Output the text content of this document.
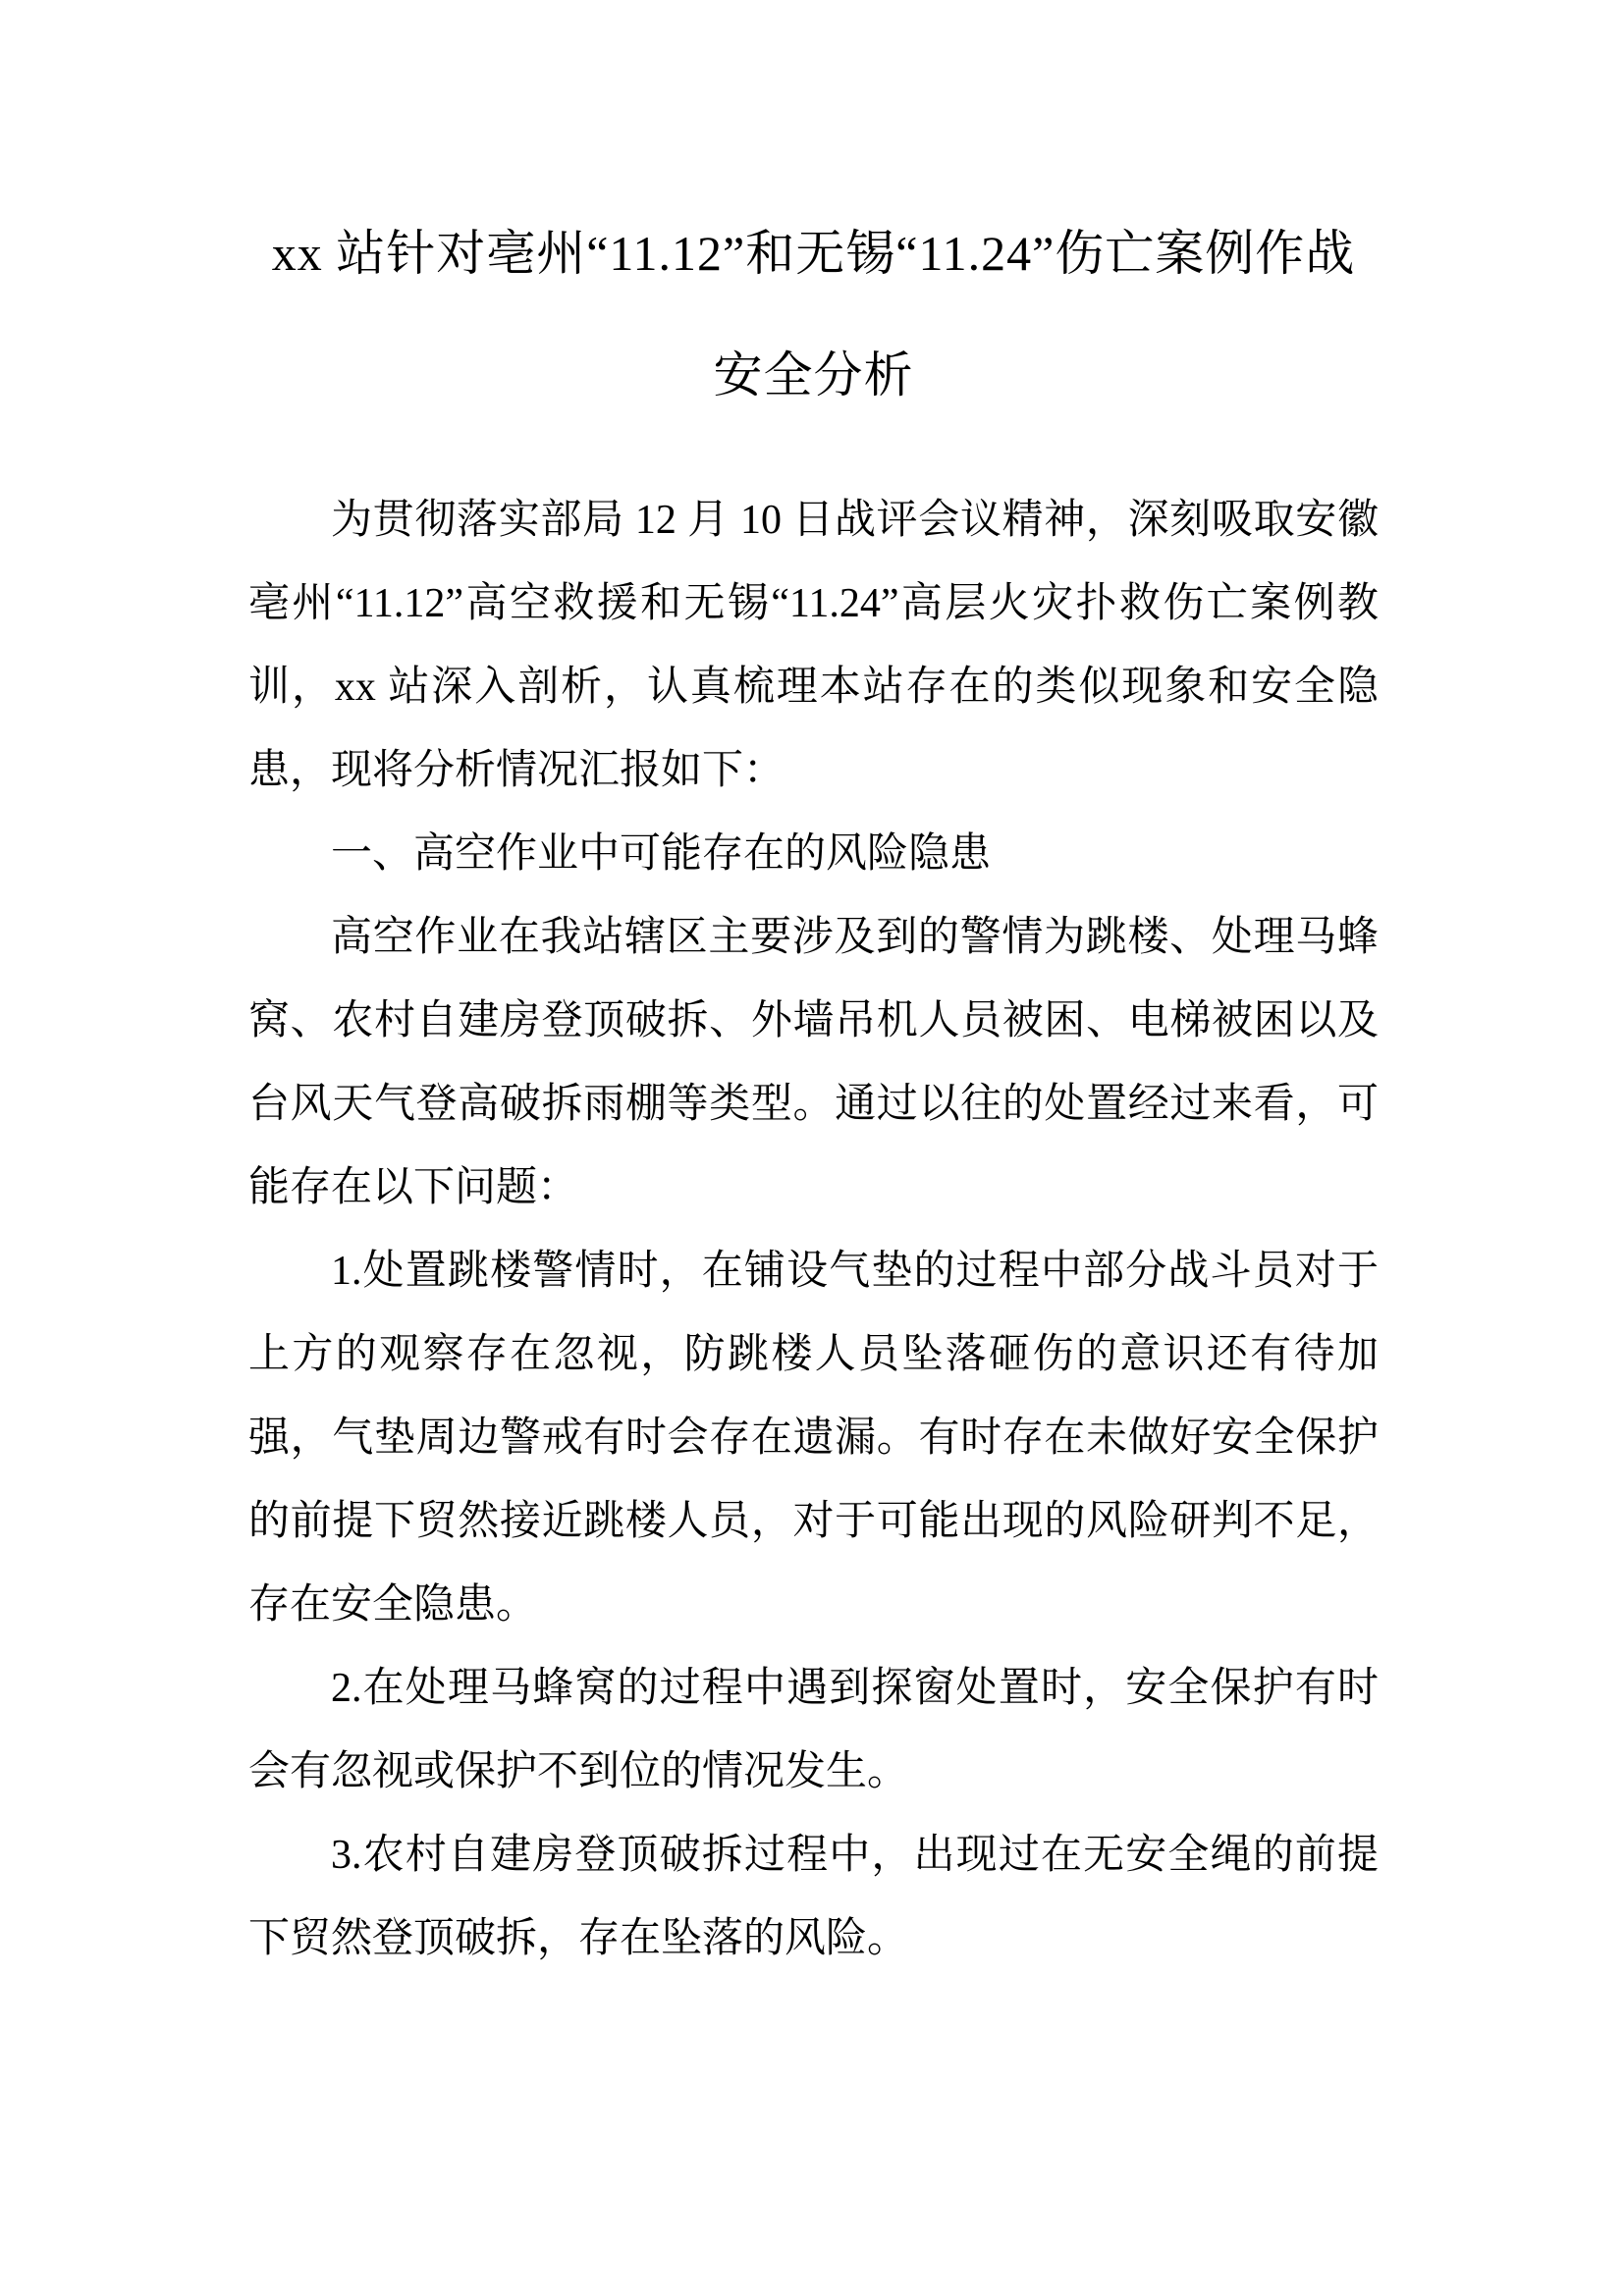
xx 站针对亳州“11.12”和无锡“11.24”伤亡案例作战
安全分析

为贯彻落实部局 12 月 10 日战评会议精神，深刻吸取安徽亳州“11.12”高空救援和无锡“11.24”高层火灾扑救伤亡案例教训，xx 站深入剖析，认真梳理本站存在的类似现象和安全隐患，现将分析情况汇报如下：

一、高空作业中可能存在的风险隐患

高空作业在我站辖区主要涉及到的警情为跳楼、处理马蜂窝、农村自建房登顶破拆、外墙吊机人员被困、电梯被困以及台风天气登高破拆雨棚等类型。通过以往的处置经过来看，可能存在以下问题：

1.处置跳楼警情时，在铺设气垫的过程中部分战斗员对于上方的观察存在忽视，防跳楼人员坠落砸伤的意识还有待加强，气垫周边警戒有时会存在遗漏。有时存在未做好安全保护的前提下贸然接近跳楼人员，对于可能出现的风险研判不足，存在安全隐患。

2.在处理马蜂窝的过程中遇到探窗处置时，安全保护有时会有忽视或保护不到位的情况发生。

3.农村自建房登顶破拆过程中，出现过在无安全绳的前提下贸然登顶破拆，存在坠落的风险。
